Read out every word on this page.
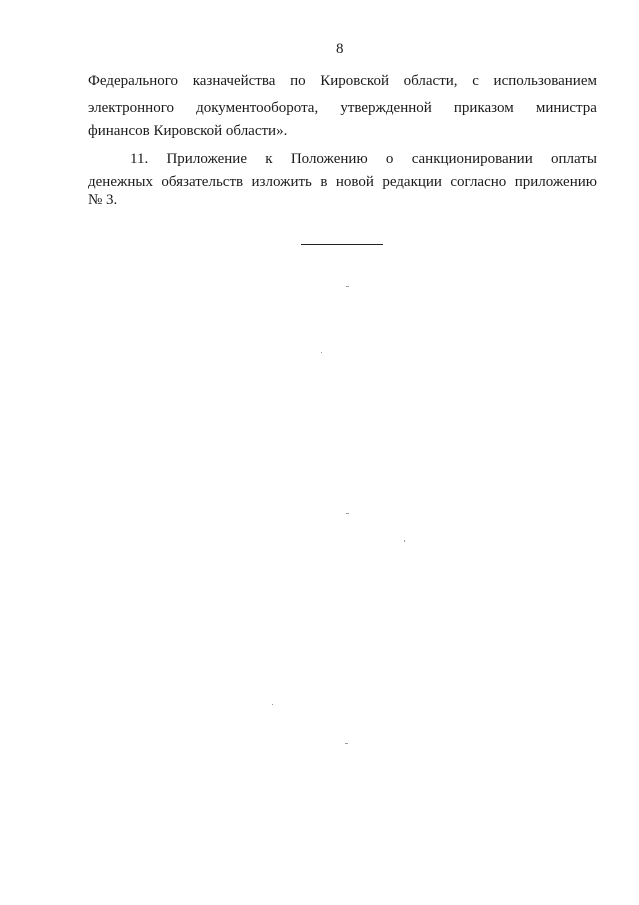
8
Федерального казначейства по Кировской области, с использованием
электронного документооборота, утвержденной приказом министра
финансов Кировской области».
11. Приложение к Положению о санкционировании оплаты
денежных обязательств изложить в новой редакции согласно приложению
№ 3.
